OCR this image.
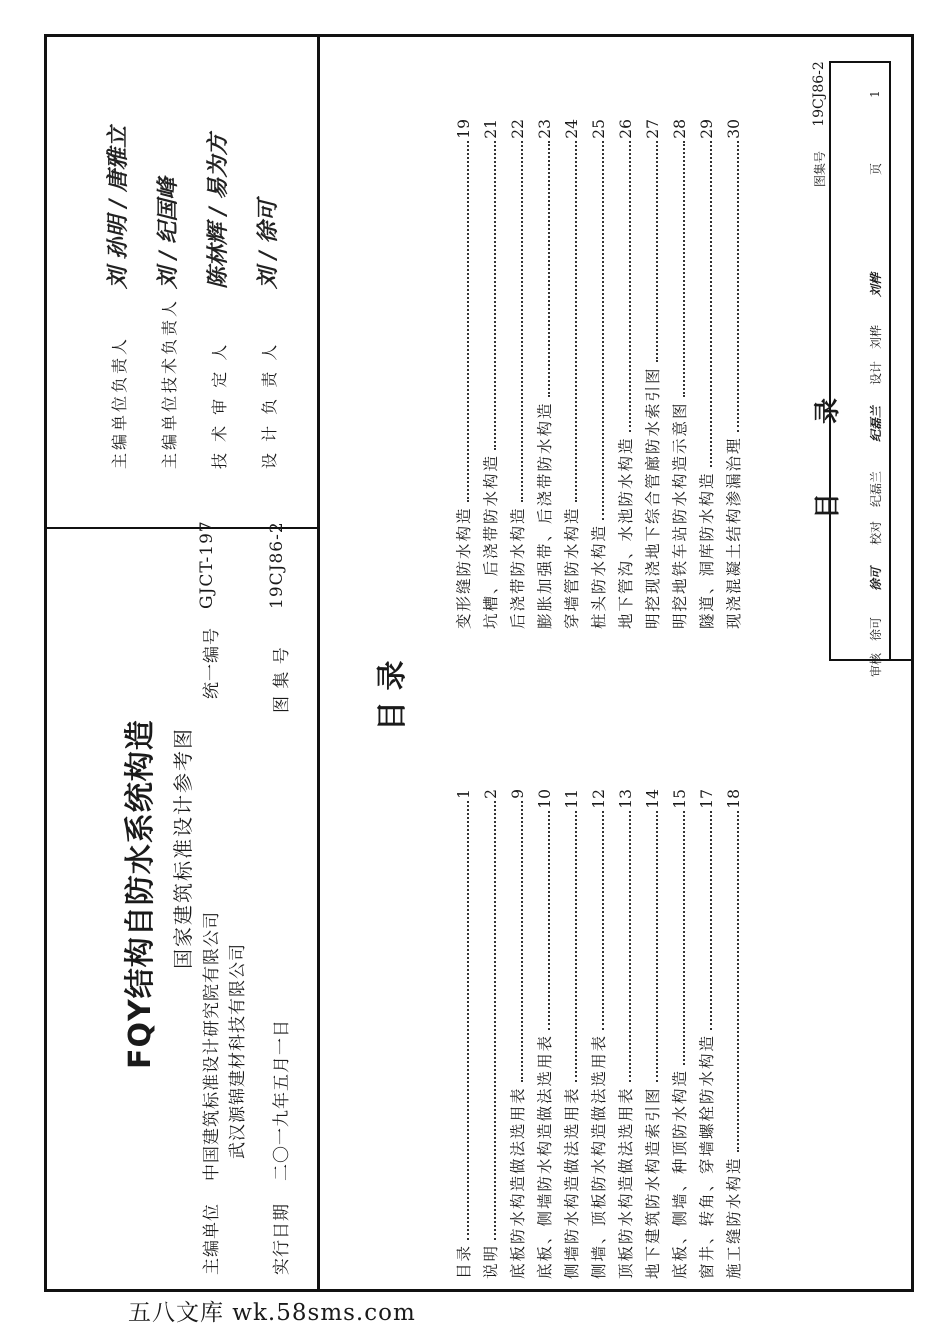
FQY结构自防水系统构造 国家建筑标准设计参考图
主编单位
中国建筑标准设计研究院有限公司 武汉源锦建材科技有限公司
统一编号
GJCT-197
实行日期
二〇一九年五月一日
图 集 号
19CJ86-2
主编单位负责人
刘 孙明 / 唐雅立
主编单位技术负责人
刘 / 纪国峰
技 术 审 定 人
陈林辉 / 易为方
设 计 负 责 人
刘 / 徐可
目 录
目录
1
说明
2
底板防水构造做法选用表
9
底板、侧墙防水构造做法选用表
10
侧墙防水构造做法选用表
11
侧墙、顶板防水构造做法选用表
12
顶板防水构造做法选用表
13
地下建筑防水构造索引图
14
底板、侧墙、种顶防水构造
15
窗井、转角、穿墙螺栓防水构造
17
施工缝防水构造
18
变形缝防水构造
19
坑槽、后浇带防水构造
21
后浇带防水构造
22
膨胀加强带、后浇带防水构造
23
穿墙管防水构造
24
桩头防水构造
25
地下管沟、水池防水构造
26
明挖现浇地下综合管廊防水索引图
27
明挖地铁车站防水构造示意图
28
隧道、洞库防水构造
29
现浇混凝土结构渗漏治理
30
目 录
图集号
19CJ86-2
审核
徐可
徐可
校对
纪磊兰
纪磊兰
设计
刘桦
刘桦
页
1
五八文库 wk.58sms.com
